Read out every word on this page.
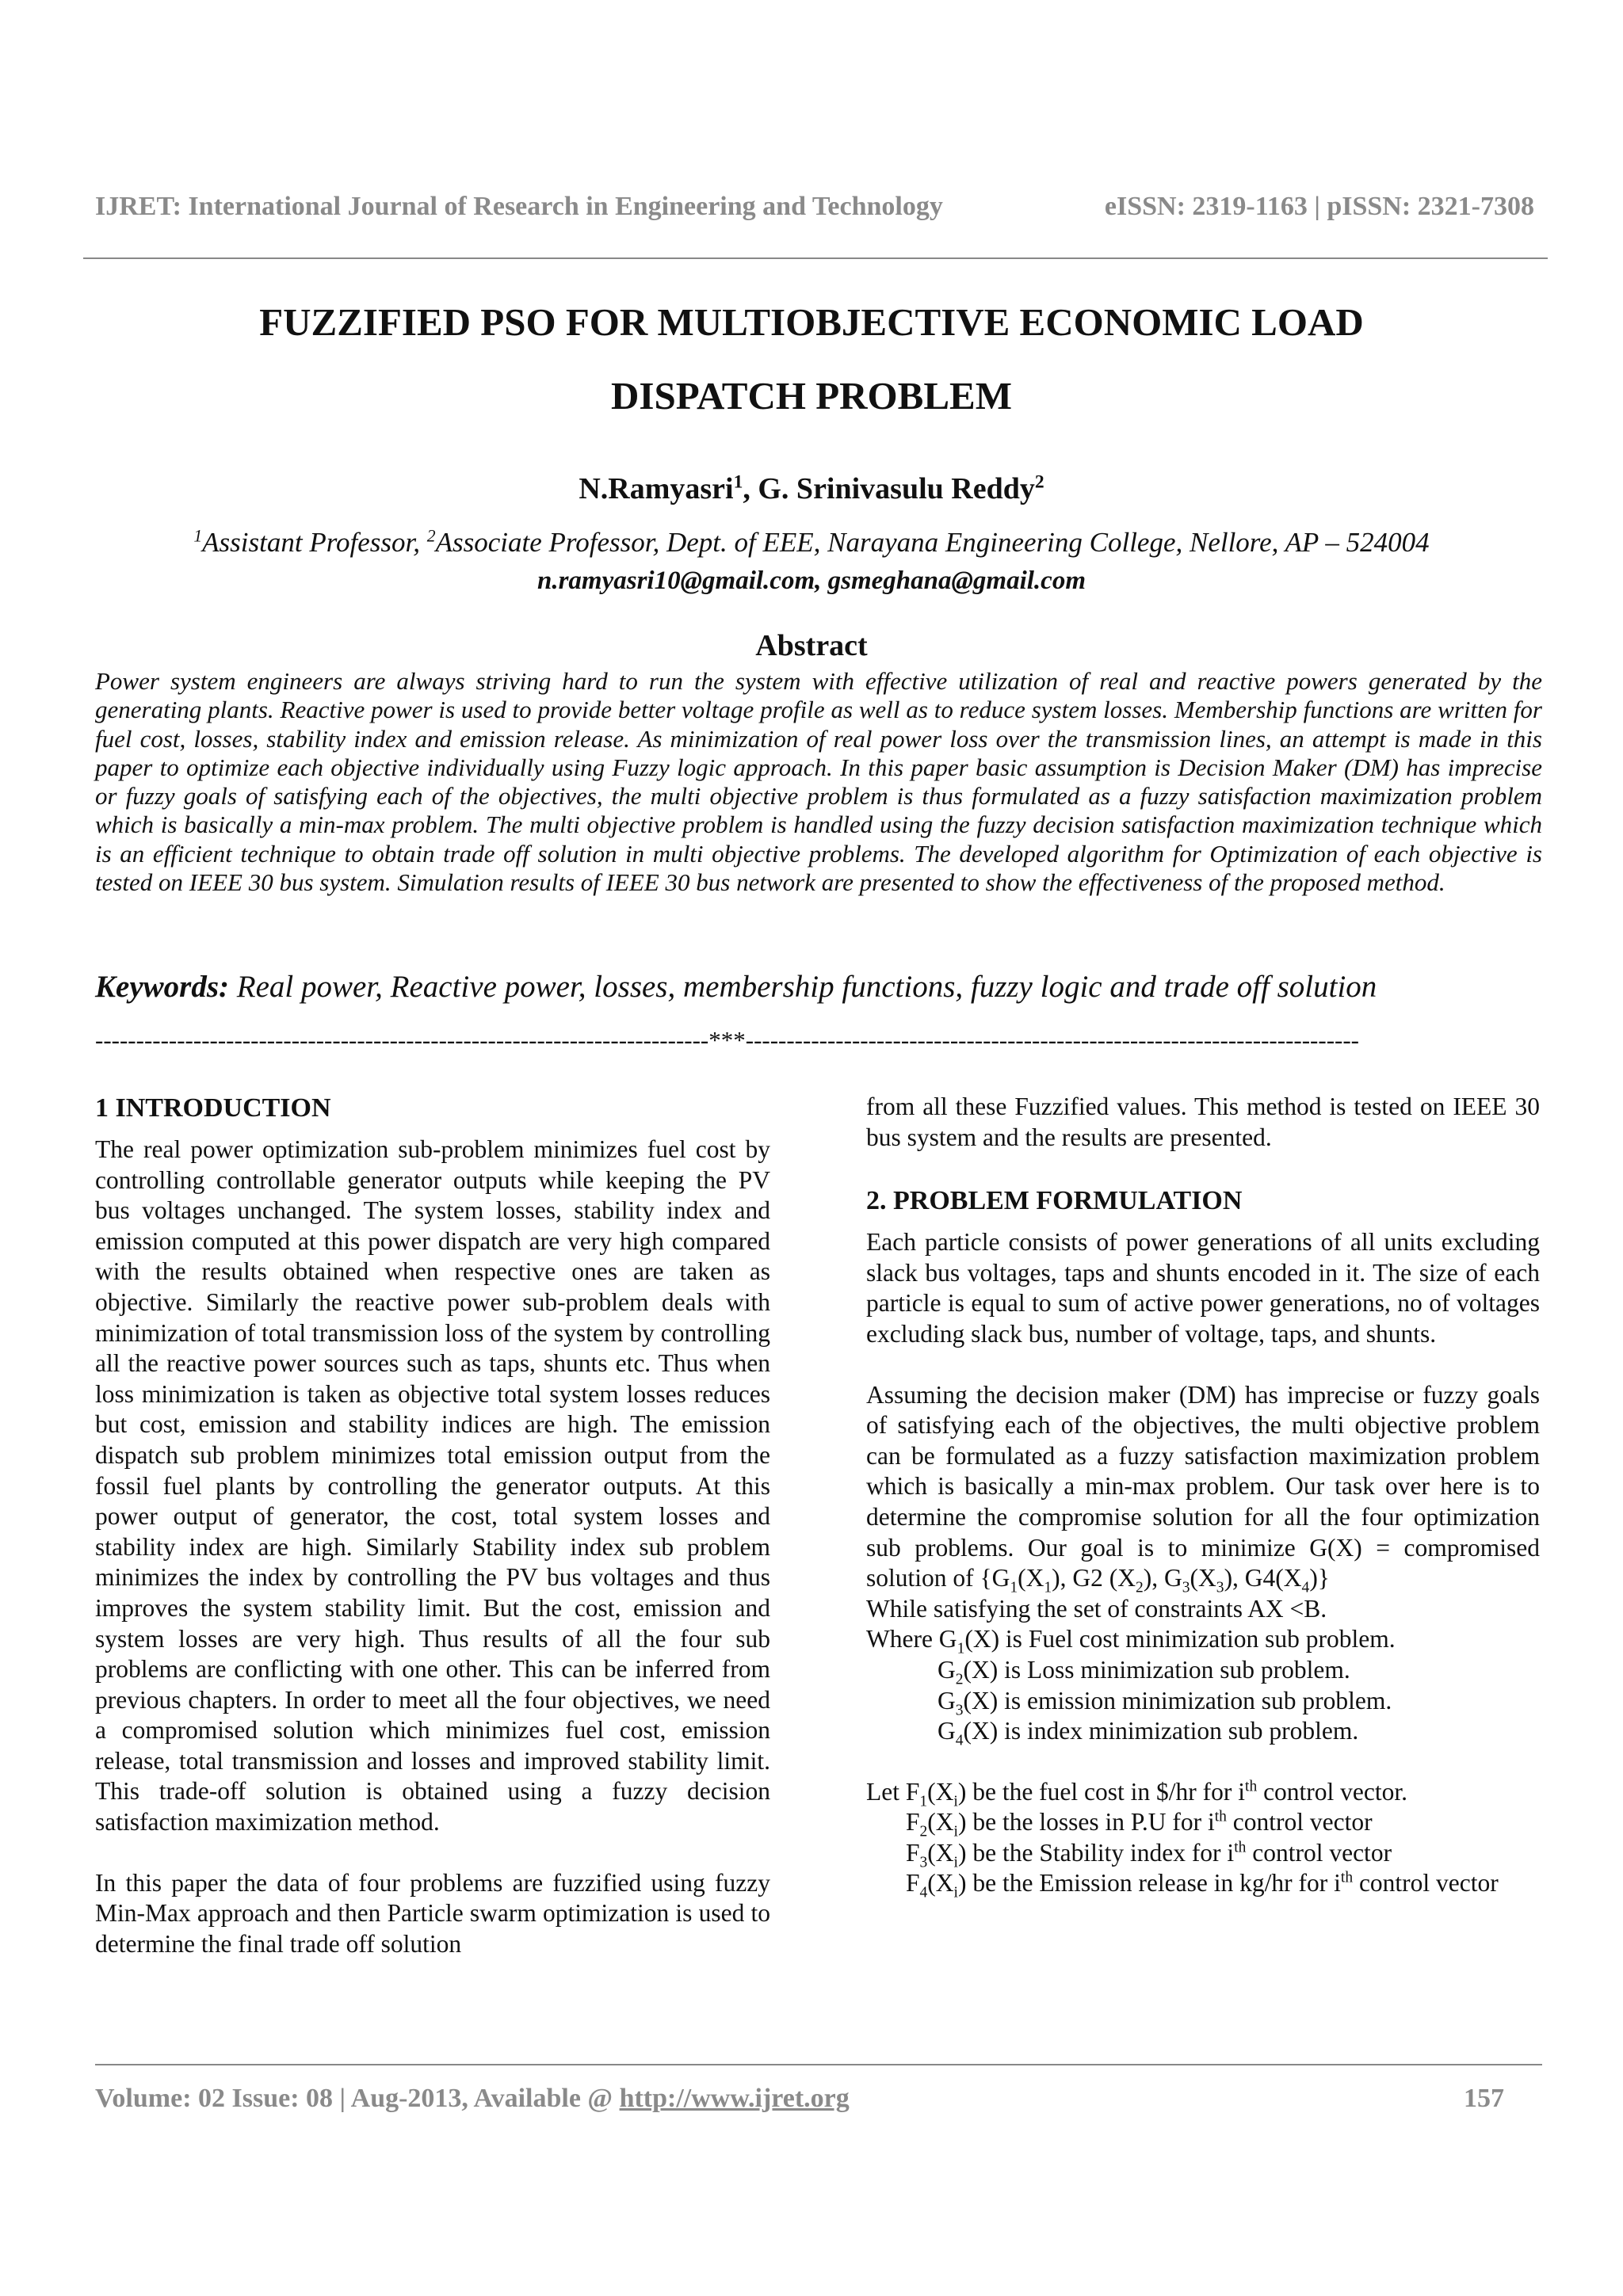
IJRET: International Journal of Research in Engineering and Technology	eISSN: 2319-1163 | pISSN: 2321-7308
FUZZIFIED PSO FOR MULTIOBJECTIVE ECONOMIC LOAD
DISPATCH PROBLEM
N.Ramyasri$^1$, G. Srinivasulu Reddy$^2$
$^1$Assistant Professor, $^2$Associate Professor, Dept. of EEE, Narayana Engineering College, Nellore, AP – 524004
n.ramyasri10@gmail.com, gsmeghana@gmail.com
Abstract
Power system engineers are always striving hard to run the system with effective utilization of real and reactive powers generated by the generating plants. Reactive power is used to provide better voltage profile as well as to reduce system losses. Membership functions are written for fuel cost, losses, stability index and emission release. As minimization of real power loss over the transmission lines, an attempt is made in this paper to optimize each objective individually using Fuzzy logic approach. In this paper basic assumption is Decision Maker (DM) has imprecise or fuzzy goals of satisfying each of the objectives, the multi objective problem is thus formulated as a fuzzy satisfaction maximization problem which is basically a min-max problem. The multi objective problem is handled using the fuzzy decision satisfaction maximization technique which is an efficient technique to obtain trade off solution in multi objective problems. The developed algorithm for Optimization of each objective is tested on IEEE 30 bus system. Simulation results of IEEE 30 bus network are presented to show the effectiveness of the proposed method.
Keywords: Real power, Reactive power, losses, membership functions, fuzzy logic and trade off solution
---------------------------------------------------------------------------***---------------------------------------------------------------------------
1 INTRODUCTION

The real power optimization sub-problem minimizes fuel cost by controlling controllable generator outputs while keeping the PV bus voltages unchanged. The system losses, stability index and emission computed at this power dispatch are very high compared with the results obtained when respective ones are taken as objective. Similarly the reactive power sub-problem deals with minimization of total transmission loss of the system by controlling all the reactive power sources such as taps, shunts etc. Thus when loss minimization is taken as objective total system losses reduces but cost, emission and stability indices are high. The emission dispatch sub problem minimizes total emission output from the fossil fuel plants by controlling the generator outputs. At this power output of generator, the cost, total system losses and stability index are high. Similarly Stability index sub problem minimizes the index by controlling the PV bus voltages and thus improves the system stability limit. But the cost, emission and system losses are very high. Thus results of all the four sub problems are conflicting with one other. This can be inferred from previous chapters. In order to meet all the four objectives, we need a compromised solution which minimizes fuel cost, emission release, total transmission and losses and improved stability limit. This trade-off solution is obtained using a fuzzy decision satisfaction maximization method.

In this paper the data of four problems are fuzzified using fuzzy Min-Max approach and then Particle swarm optimization is used to determine the final trade off solution

from all these Fuzzified values. This method is tested on IEEE 30 bus system and the results are presented.

2. PROBLEM FORMULATION

Each particle consists of power generations of all units excluding slack bus voltages, taps and shunts encoded in it. The size of each particle is equal to sum of active power generations, no of voltages excluding slack bus, number of voltage, taps, and shunts.

Assuming the decision maker (DM) has imprecise or fuzzy goals of satisfying each of the objectives, the multi objective problem can be formulated as a fuzzy satisfaction maximization problem which is basically a min-max problem. Our task over here is to determine the compromise solution for all the four optimization sub problems. Our goal is to minimize G(X) = compromised solution of {$G_1(X_1)$, G2 $(X_2)$, $G_3(X_3)$, $G4(X_4)$}

While satisfying the set of constraints AX <B.

Where $G_1(X)$ is Fuel cost minimization sub problem.

$G_2(X)$ is Loss minimization sub problem.

$G_3(X)$ is emission minimization sub problem.

$G_4(X)$ is index minimization sub problem.

Let $F_1(X_i)$ be the fuel cost in $/hr for $i^{th}$ control vector.

$F_2(X_i)$ be the losses in P.U for $i^{th}$ control vector

$F_3(X_i)$ be the Stability index for $i^{th}$ control vector

$F_4(X_i)$ be the Emission release in kg/hr for $i^{th}$ control vector

Volume: 02 Issue: 08 | Aug-2013, Available @ http://www.ijret.org	157
